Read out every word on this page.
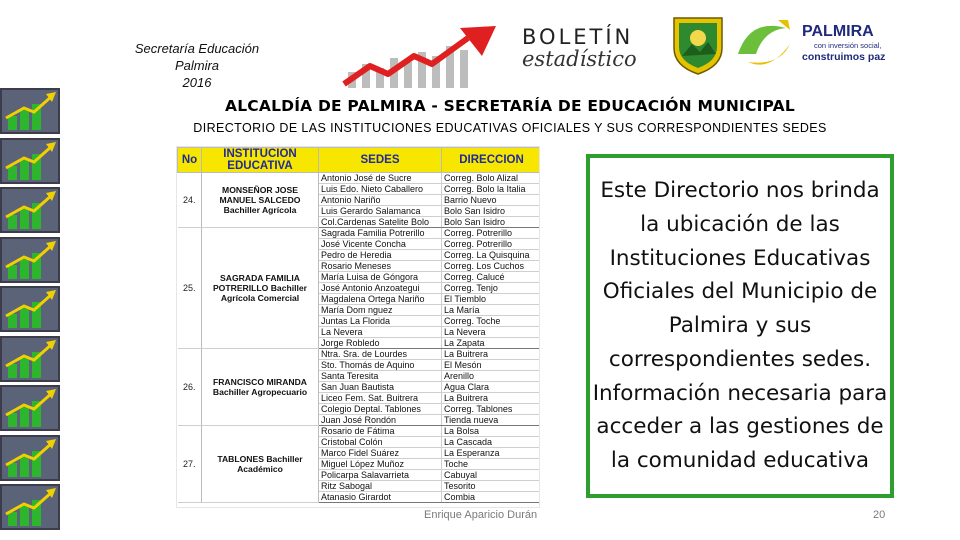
Secretaría Educación
Palmira
2016
BOLETÍN
estadístico
PALMIRA
con inversión social,
construimos paz
ALCALDÍA DE PALMIRA - SECRETARÍA DE EDUCACIÓN MUNICIPAL
DIRECTORIO DE LAS INSTITUCIONES EDUCATIVAS OFICIALES Y SUS CORRESPONDIENTES SEDES
No	INSTITUCION EDUCATIVA	SEDES	DIRECCION
24.	MONSEÑOR JOSE MANUEL SALCEDO Bachiller Agrícola	Antonio José de Sucre	Correg. Bolo Alizal
		Luis Edo. Nieto Caballero	Correg. Bolo la Italia
		Antonio Nariño	Barrio Nuevo
		Luis Gerardo Salamanca	Bolo San Isidro
		Col.Cardenas Satelite Bolo	Bolo San Isidro
25.	SAGRADA FAMILIA POTRERILLO Bachiller Agrícola Comercial	Sagrada Familia Potrerillo	Correg. Potrerillo
		José Vicente Concha	Correg. Potrerillo
		Pedro de Heredia	Correg. La Quisquina
		Rosario Meneses	Correg. Los Cuchos
		María Luisa de Góngora	Correg. Calucé
		José Antonio Anzoategui	Correg. Tenjo
		Magdalena Ortega Nariño	El Tiemblo
		María Dom nguez	La María
		Juntas La Florida	Correg. Toche
		La Nevera	La Nevera
		Jorge Robledo	La Zapata
26.	FRANCISCO MIRANDA Bachiller Agropecuario	Ntra. Sra. de Lourdes	La Buitrera
		Sto. Thomás de Aquino	El Mesón
		Santa Teresita	Arenillo
		San Juan Bautista	Agua Clara
		Liceo Fem. Sat. Buitrera	La Buitrera
		Colegio Deptal. Tablones	Correg. Tablones
		Juan José Rondón	Tienda nueva
27.	TABLONES Bachiller Académico	Rosario de Fátima	La Bolsa
		Cristobal Colón	La Cascada
		Marco Fidel Suárez	La Esperanza
		Miguel López Muñoz	Toche
		Policarpa Salavarrieta	Cabuyal
		Ritz Sabogal	Tesorito
		Atanasio Girardot	Combia

Este Directorio nos brinda la ubicación de las Instituciones Educativas Oficiales del Municipio de Palmira y sus correspondientes sedes. Información necesaria para acceder a las gestiones de la comunidad educativa

Enrique Aparicio Durán	20
